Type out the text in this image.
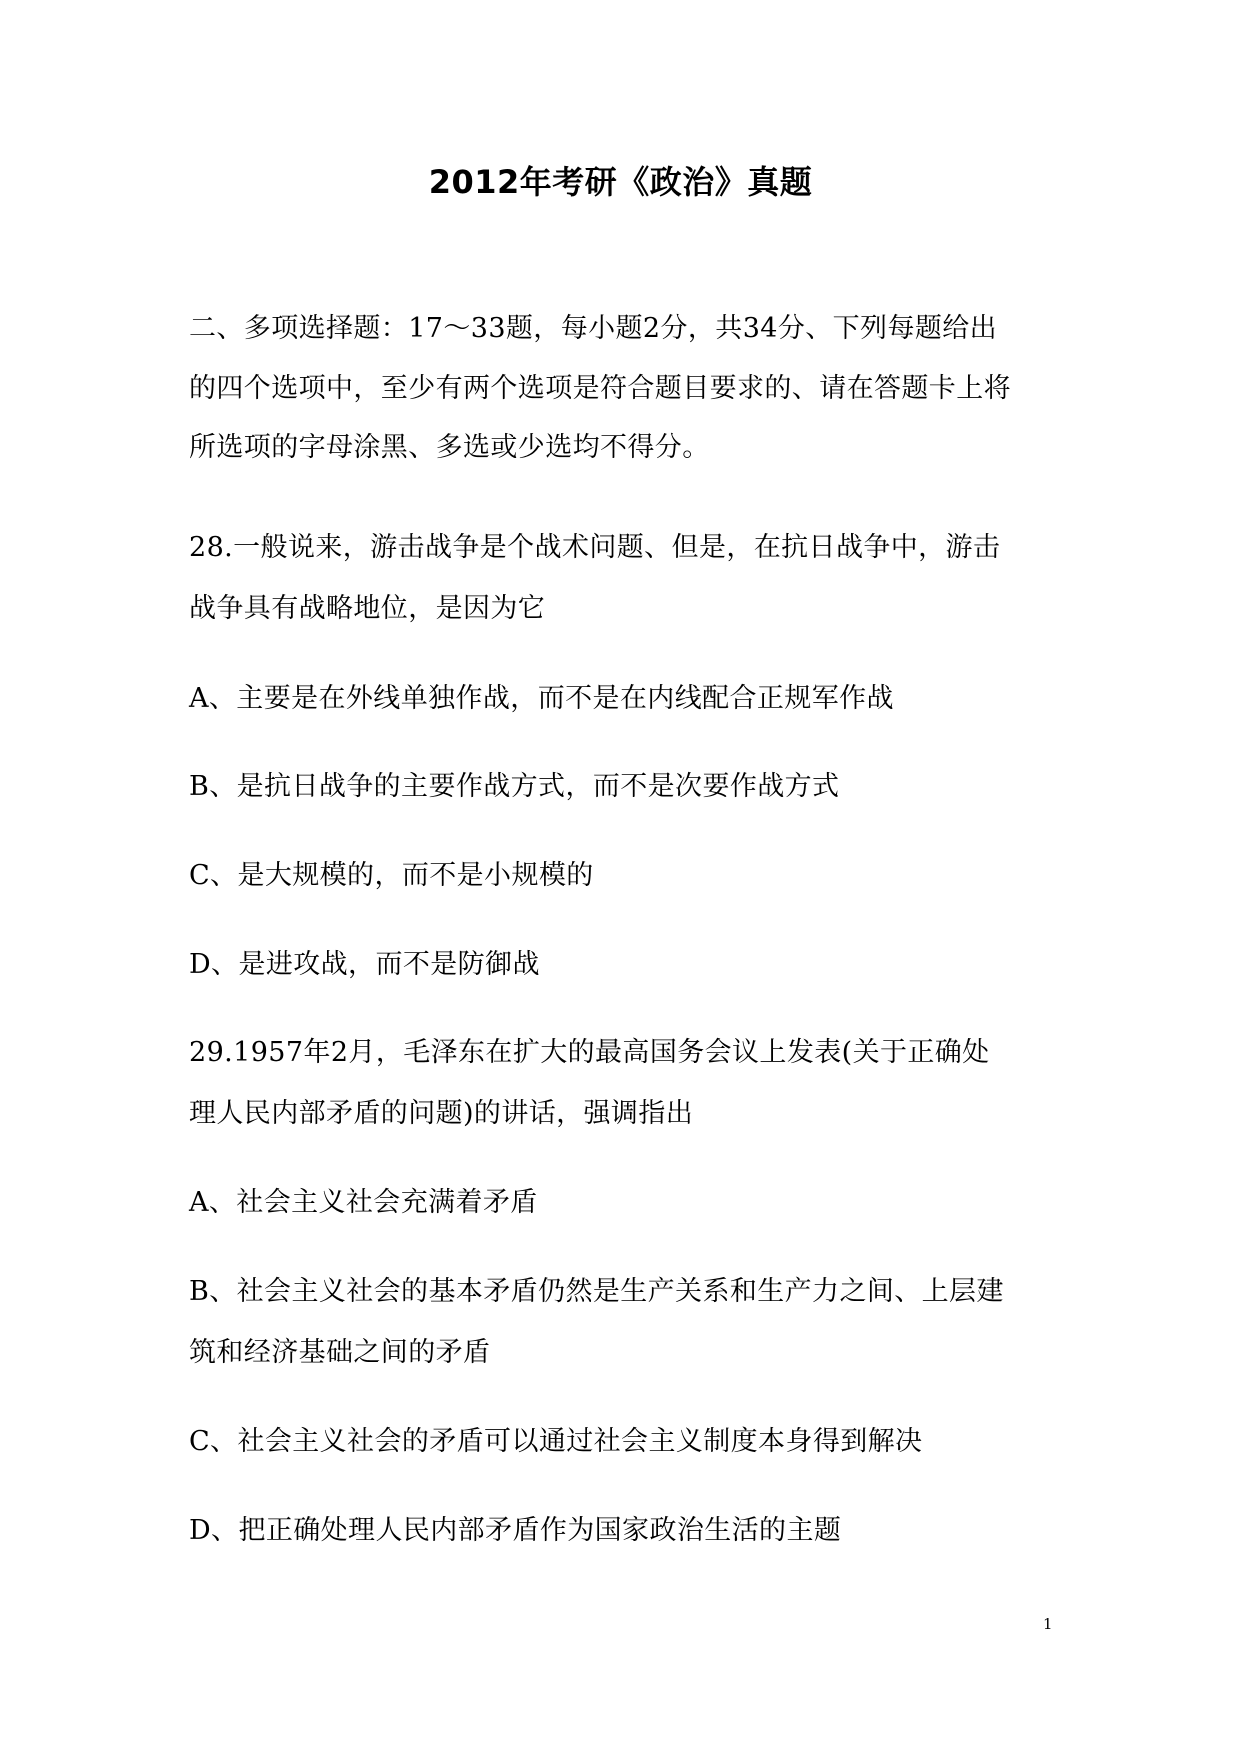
2012年考研《政治》真题
二、多项选择题：17～33题，每小题2分，共34分、下列每题给出
的四个选项中，至少有两个选项是符合题目要求的、请在答题卡上将
所选项的字母涂黑、多选或少选均不得分。
28.一般说来，游击战争是个战术问题、但是，在抗日战争中，游击
战争具有战略地位，是因为它
A、主要是在外线单独作战，而不是在内线配合正规军作战
B、是抗日战争的主要作战方式，而不是次要作战方式
C、是大规模的，而不是小规模的
D、是进攻战，而不是防御战
29.1957年2月，毛泽东在扩大的最高国务会议上发表(关于正确处
理人民内部矛盾的问题)的讲话，强调指出
A、社会主义社会充满着矛盾
B、社会主义社会的基本矛盾仍然是生产关系和生产力之间、上层建
筑和经济基础之间的矛盾
C、社会主义社会的矛盾可以通过社会主义制度本身得到解决
D、把正确处理人民内部矛盾作为国家政治生活的主题
1
